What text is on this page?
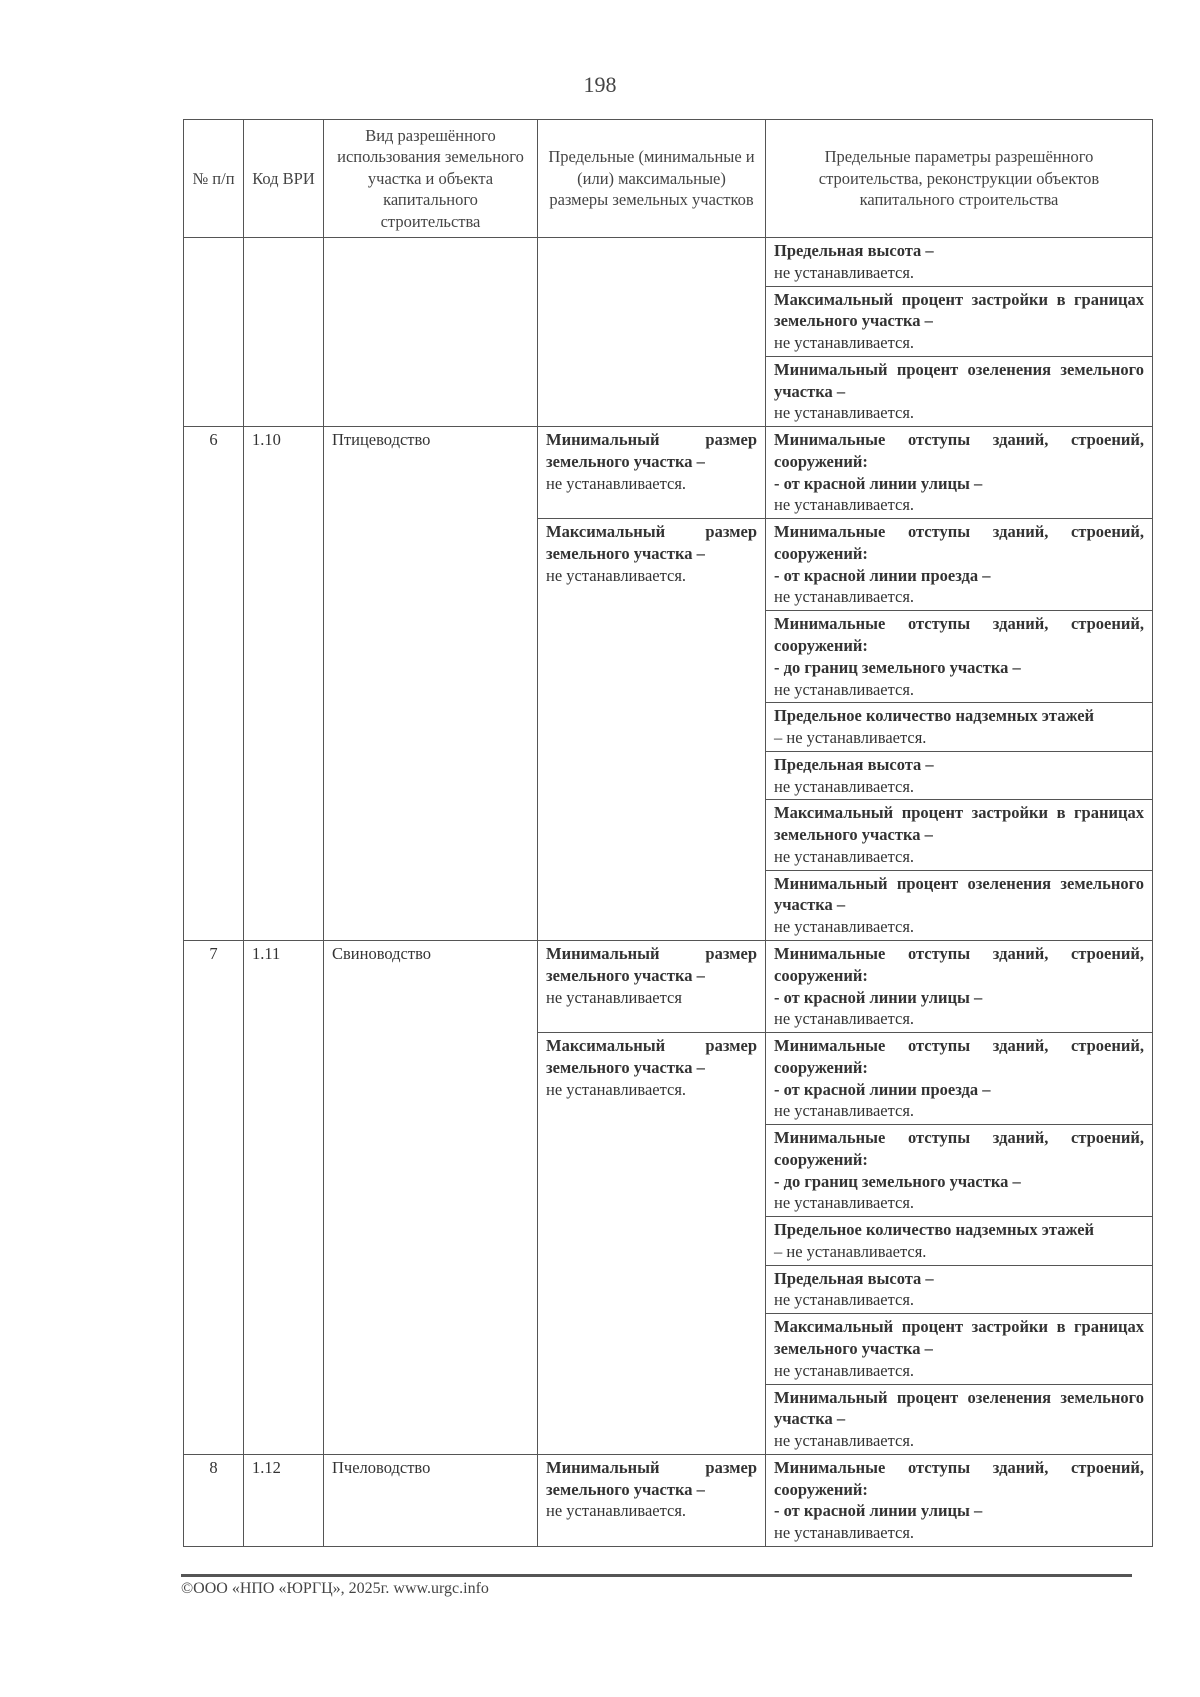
198
№ п/п	Код ВРИ	Вид разрешённого использования земельного участка и объекта капитального строительства	Предельные (минимальные и (или) максимальные) размеры земельных участков	Предельные параметры разрешённого строительства, реконструкции объектов капитального строительства

				Предельная высота –
не устанавливается.

				Максимальный процент застройки в границах земельного участка –
не устанавливается.

				Минимальный процент озеленения земельного участка –
не устанавливается.

6	1.10	Птицеводство	Минимальный размер земельного участка –
не устанавливается.	Минимальные отступы зданий, строений, сооружений:
- от красной линии улицы –
не устанавливается.

			Максимальный размер земельного участка –
не устанавливается.	Минимальные отступы зданий, строений, сооружений:
- от красной линии проезда –
не устанавливается.

				Минимальные отступы зданий, строений, сооружений:
- до границ земельного участка –
не устанавливается.

				Предельное количество надземных этажей
– не устанавливается.

				Предельная высота –
не устанавливается.

				Максимальный процент застройки в границах земельного участка –
не устанавливается.

				Минимальный процент озеленения земельного участка –
не устанавливается.

7	1.11	Свиноводство	Минимальный размер земельного участка –
не устанавливается	Минимальные отступы зданий, строений, сооружений:
- от красной линии улицы –
не устанавливается.

			Максимальный размер земельного участка –
не устанавливается.	Минимальные отступы зданий, строений, сооружений:
- от красной линии проезда –
не устанавливается.

				Минимальные отступы зданий, строений, сооружений:
- до границ земельного участка –
не устанавливается.

				Предельное количество надземных этажей
– не устанавливается.

				Предельная высота –
не устанавливается.

				Максимальный процент застройки в границах земельного участка –
не устанавливается.

				Минимальный процент озеленения земельного участка –
не устанавливается.

8	1.12	Пчеловодство	Минимальный размер земельного участка –
не устанавливается.	Минимальные отступы зданий, строений, сооружений:
- от красной линии улицы –
не устанавливается.
©ООО «НПО «ЮРГЦ», 2025г. www.urgc.info
